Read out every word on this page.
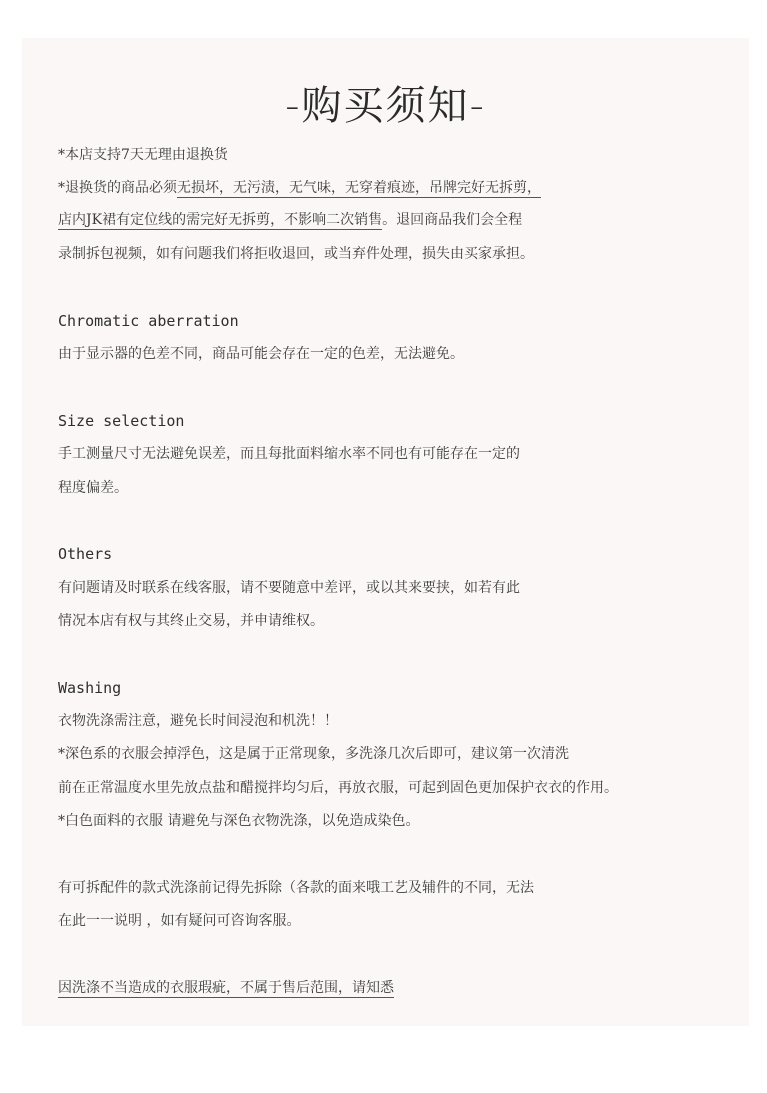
-购买须知-
*本店支持7天无理由退换货
*退换货的商品必须无损坏，无污渍，无气味，无穿着痕迹，吊牌完好无拆剪，
店内JK裙有定位线的需完好无拆剪，不影响二次销售。退回商品我们会全程
录制拆包视频，如有问题我们将拒收退回，或当弃件处理，损失由买家承担。
Chromatic aberration
由于显示器的色差不同，商品可能会存在一定的色差，无法避免。
Size selection
手工测量尺寸无法避免误差，而且每批面料缩水率不同也有可能存在一定的
程度偏差。
Others
有问题请及时联系在线客服，请不要随意中差评，或以其来要挟，如若有此
情况本店有权与其终止交易，并申请维权。
Washing
衣物洗涤需注意，避免长时间浸泡和机洗！！
*深色系的衣服会掉浮色，这是属于正常现象，多洗涤几次后即可，建议第一次清洗
前在正常温度水里先放点盐和醋搅拌均匀后，再放衣服，可起到固色更加保护衣衣的作用。
*白色面料的衣服 请避免与深色衣物洗涤，以免造成染色。
有可拆配件的款式洗涤前记得先拆除（各款的面来哦工艺及辅件的不同，无法
在此一一说明 ，如有疑问可咨询客服。
因洗涤不当造成的衣服瑕疵，不属于售后范围，请知悉
